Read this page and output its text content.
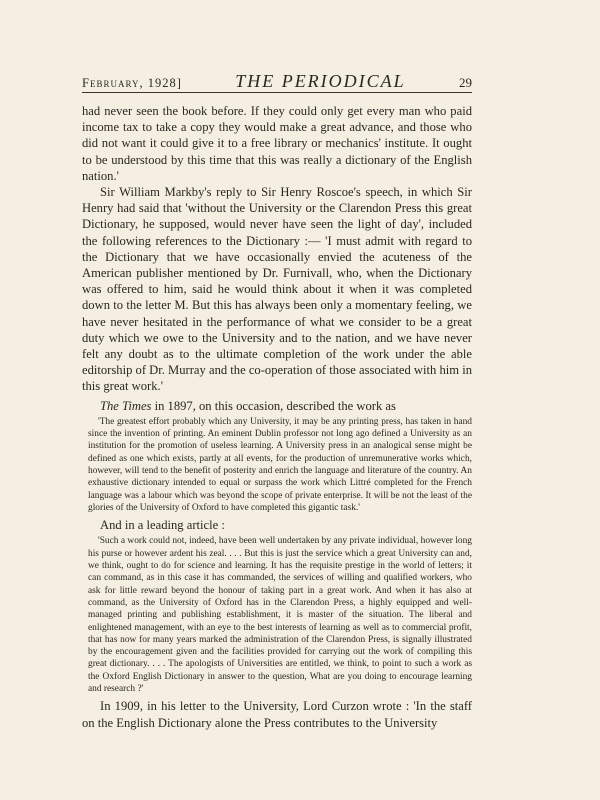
February, 1928]	THE PERIODICAL	29

had never seen the book before. If they could only get every man who paid income tax to take a copy they would make a great advance, and those who did not want it could give it to a free library or mechanics' institute. It ought to be understood by this time that this was really a dictionary of the English nation.'

Sir William Markby's reply to Sir Henry Roscoe's speech, in which Sir Henry had said that 'without the University or the Clarendon Press this great Dictionary, he supposed, would never have seen the light of day', included the following references to the Dictionary :— 'I must admit with regard to the Dictionary that we have occasionally envied the acuteness of the American publisher mentioned by Dr. Furnivall, who, when the Dictionary was offered to him, said he would think about it when it was completed down to the letter M. But this has always been only a momentary feeling, we have never hesitated in the performance of what we consider to be a great duty which we owe to the University and to the nation, and we have never felt any doubt as to the ultimate completion of the work under the able editorship of Dr. Murray and the co-operation of those associated with him in this great work.'

The Times in 1897, on this occasion, described the work as

'The greatest effort probably which any University, it may be any printing press, has taken in hand since the invention of printing. An eminent Dublin professor not long ago defined a University as an institution for the promotion of useless learning. A University press in an analogical sense might be defined as one which exists, partly at all events, for the production of unremunerative works which, however, will tend to the benefit of posterity and enrich the language and literature of the country. An exhaustive dictionary intended to equal or surpass the work which Littré completed for the French language was a labour which was beyond the scope of private enterprise. It will be not the least of the glories of the University of Oxford to have completed this gigantic task.'

And in a leading article :

'Such a work could not, indeed, have been well undertaken by any private individual, however long his purse or however ardent his zeal. . . . But this is just the service which a great University can and, we think, ought to do for science and learning. It has the requisite prestige in the world of letters; it can command, as in this case it has commanded, the services of willing and qualified workers, who ask for little reward beyond the honour of taking part in a great work. And when it has also at command, as the University of Oxford has in the Clarendon Press, a highly equipped and well-managed printing and publishing establishment, it is master of the situation. The liberal and enlightened management, with an eye to the best interests of learning as well as to commercial profit, that has now for many years marked the administration of the Clarendon Press, is signally illustrated by the encouragement given and the facilities provided for carrying out the work of compiling this great dictionary. . . . The apologists of Universities are entitled, we think, to point to such a work as the Oxford English Dictionary in answer to the question, What are you doing to encourage learning and research ?'

In 1909, in his letter to the University, Lord Curzon wrote : 'In the staff on the English Dictionary alone the Press contributes to the University
